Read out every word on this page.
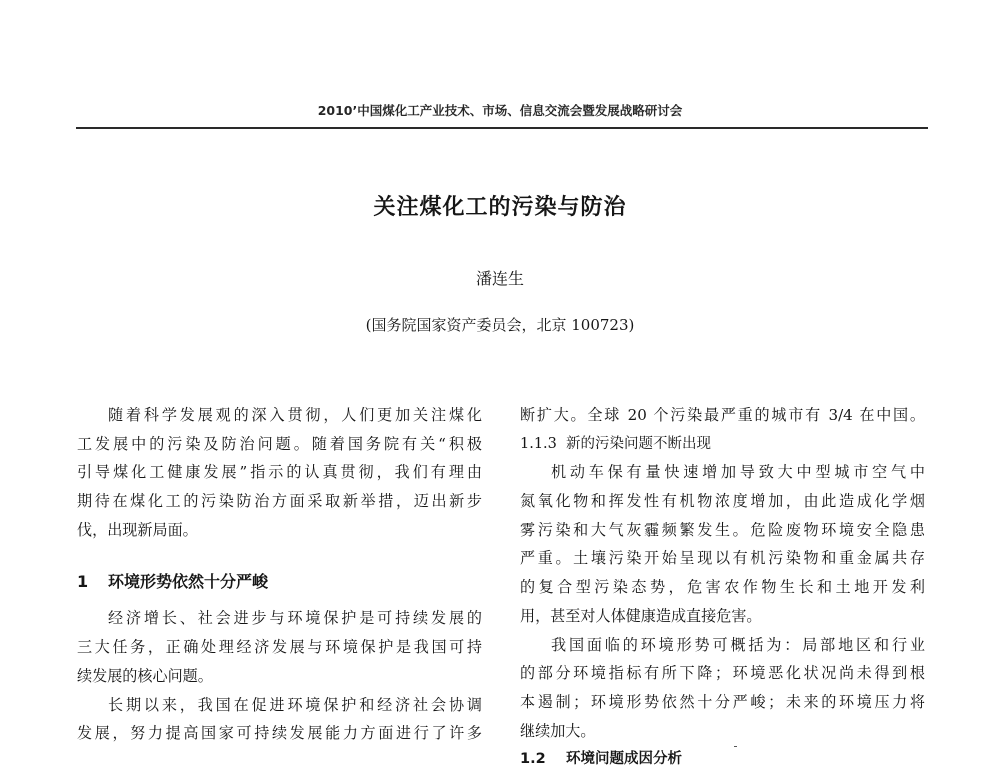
2010’中国煤化工产业技术、市场、信息交流会暨发展战略研讨会
关注煤化工的污染与防治
潘连生
(国务院国家资产委员会，北京 100723)
随着科学发展观的深入贯彻，人们更加关注煤化
工发展中的污染及防治问题。随着国务院有关“积极
引导煤化工健康发展”指示的认真贯彻，我们有理由
期待在煤化工的污染防治方面采取新举措，迈出新步
伐，出现新局面。
1 环境形势依然十分严峻
经济增长、社会进步与环境保护是可持续发展的
三大任务，正确处理经济发展与环境保护是我国可持
续发展的核心问题。
长期以来，我国在促进环境保护和经济社会协调
发展，努力提高国家可持续发展能力方面进行了许多
断扩大。全球 20 个污染最严重的城市有 3/4 在中国。
1.1.3 新的污染问题不断出现
机动车保有量快速增加导致大中型城市空气中
氮氧化物和挥发性有机物浓度增加，由此造成化学烟
雾污染和大气灰霾频繁发生。危险废物环境安全隐患
严重。土壤污染开始呈现以有机污染物和重金属共存
的复合型污染态势，危害农作物生长和土地开发利
用，甚至对人体健康造成直接危害。
我国面临的环境形势可概括为：局部地区和行业
的部分环境指标有所下降；环境恶化状况尚未得到根
本遏制；环境形势依然十分严峻；未来的环境压力将
继续加大。
1.2 环境问题成因分析
